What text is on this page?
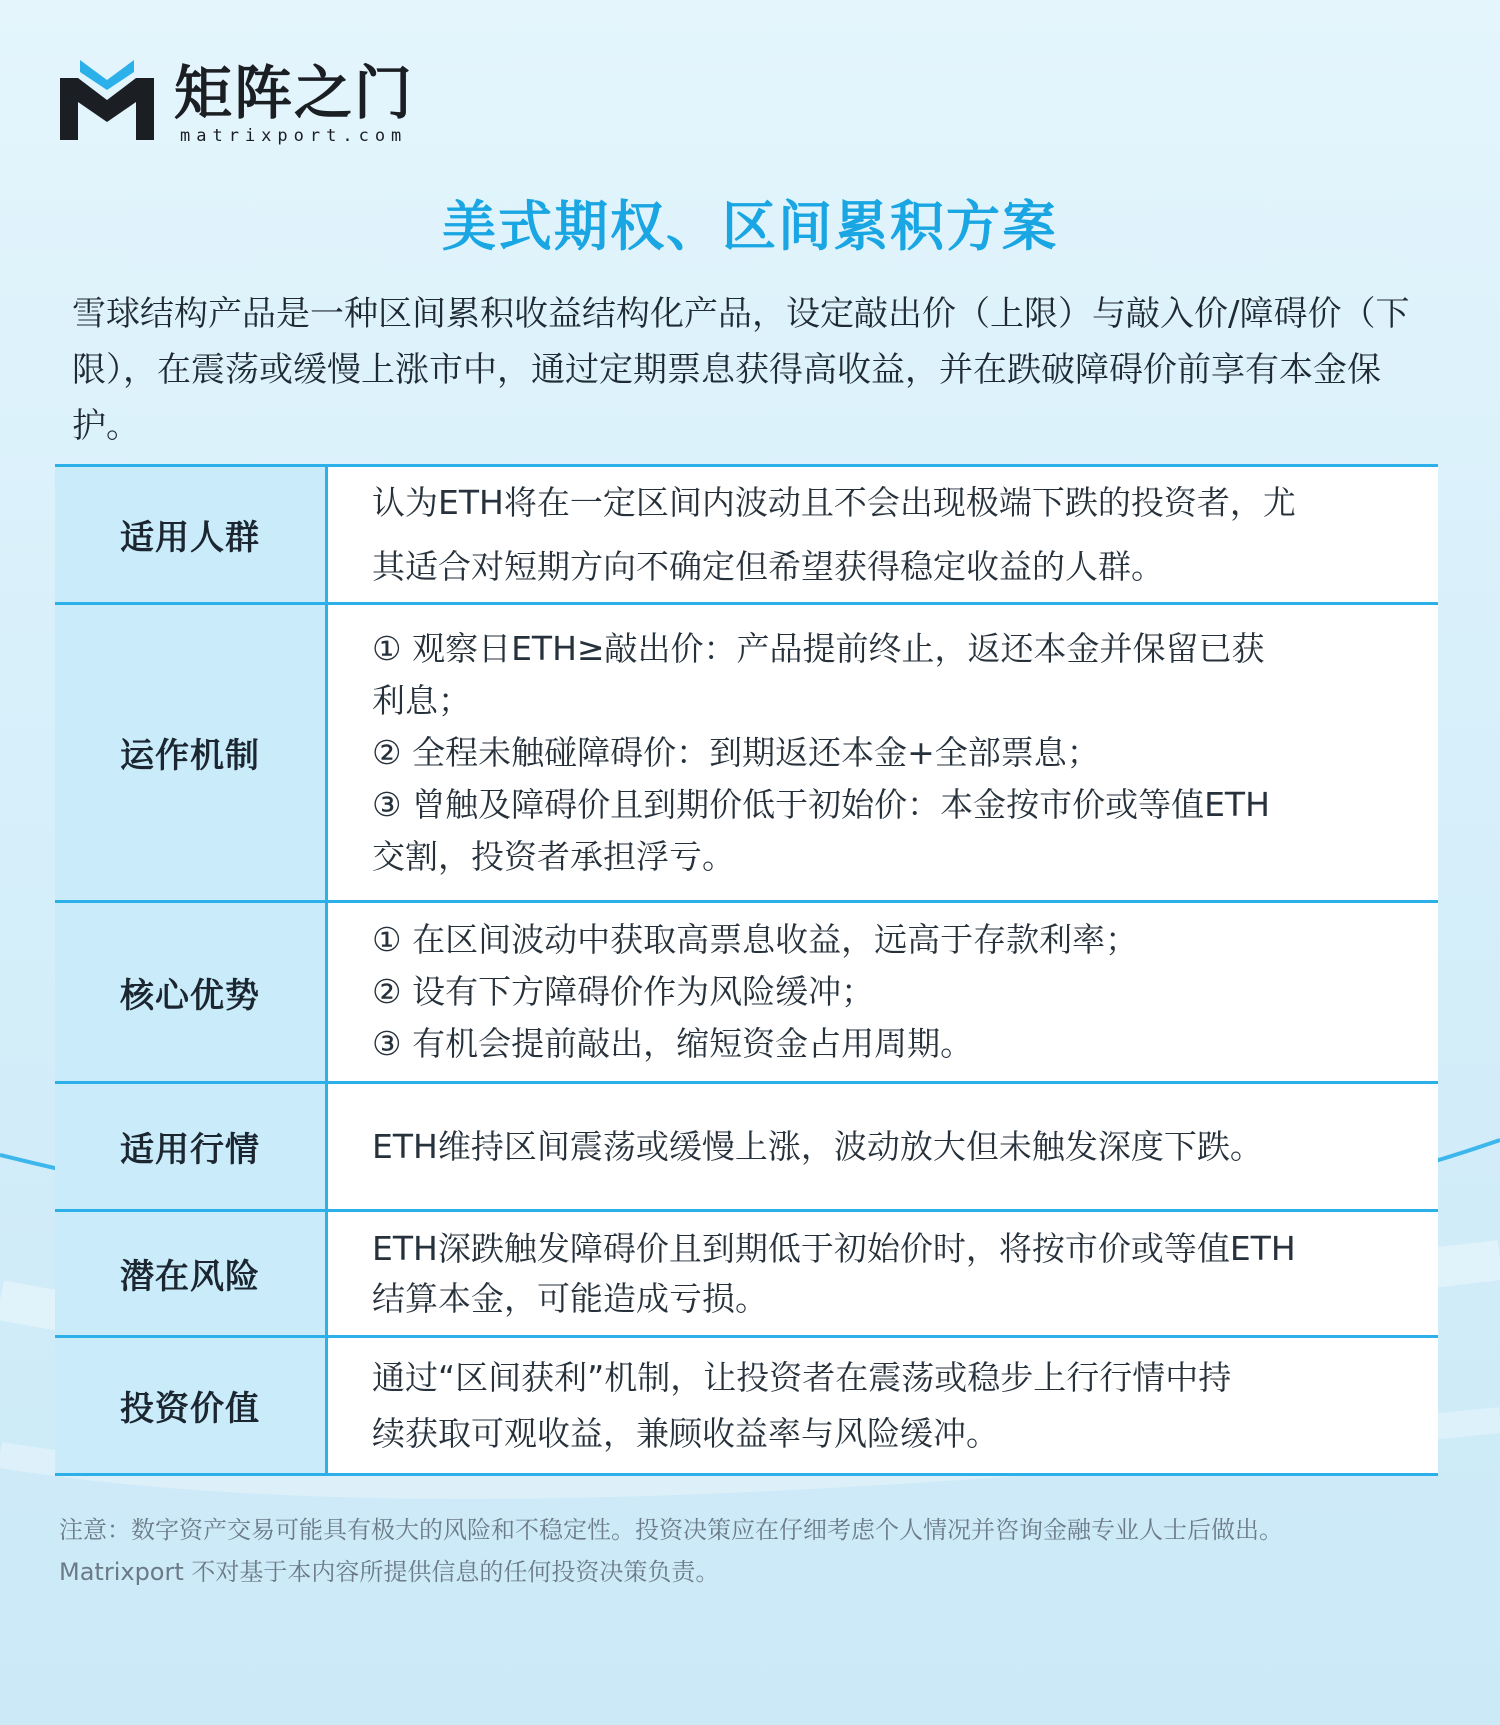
矩阵之门
matrixport.com
美式期权、区间累积方案

雪球结构产品是一种区间累积收益结构化产品，设定敲出价（上限）与敲入价/障碍价（下限），在震荡或缓慢上涨市中，通过定期票息获得高收益，并在跌破障碍价前享有本金保护。

适用人群

认为ETH将在一定区间内波动且不会出现极端下跌的投资者，尤

其适合对短期方向不确定但希望获得稳定收益的人群。

运作机制

① 观察日ETH≥敲出价：产品提前终止，返还本金并保留已获

利息；

② 全程未触碰障碍价：到期返还本金+全部票息；

③ 曾触及障碍价且到期价低于初始价：本金按市价或等值ETH

交割，投资者承担浮亏。

核心优势

① 在区间波动中获取高票息收益，远高于存款利率；

② 设有下方障碍价作为风险缓冲；

③ 有机会提前敲出，缩短资金占用周期。

适用行情	ETH维持区间震荡或缓慢上涨，波动放大但未触发深度下跌。

潜在风险

ETH深跌触发障碍价且到期低于初始价时，将按市价或等值ETH

结算本金，可能造成亏损。

投资价值

通过“区间获利”机制，让投资者在震荡或稳步上行行情中持

续获取可观收益，兼顾收益率与风险缓冲。

注意：数字资产交易可能具有极大的风险和不稳定性。投资决策应在仔细考虑个人情况并咨询金融专业人士后做出。

Matrixport 不对基于本内容所提供信息的任何投资决策负责。
